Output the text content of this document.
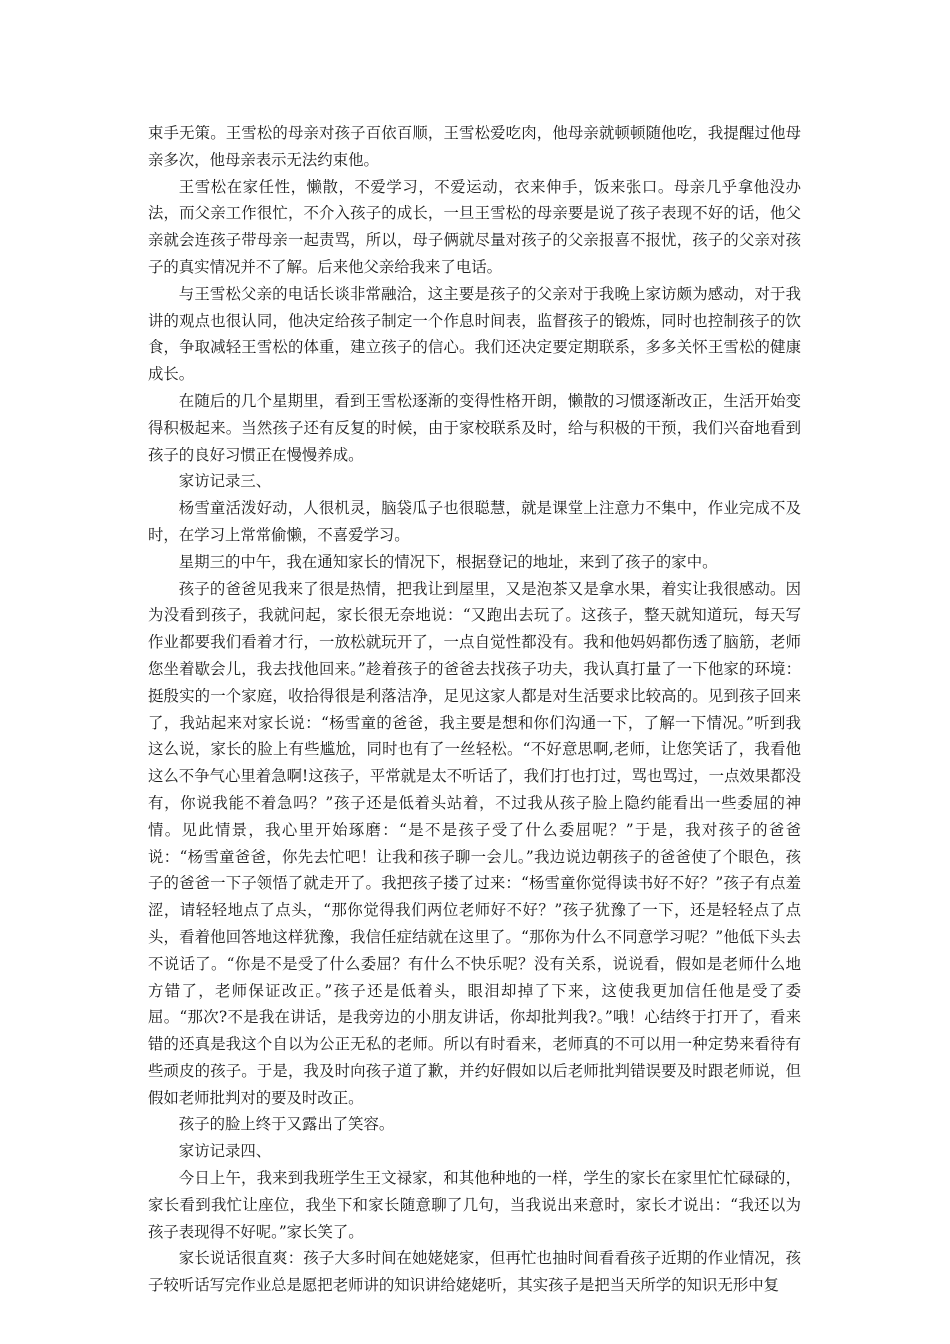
束手无策。王雪松的母亲对孩子百依百顺，王雪松爱吃肉，他母亲就顿顿随他吃，我提醒过他母亲多次，他母亲表示无法约束他。

王雪松在家任性，懒散，不爱学习，不爱运动，衣来伸手，饭来张口。母亲几乎拿他没办法，而父亲工作很忙，不介入孩子的成长，一旦王雪松的母亲要是说了孩子表现不好的话，他父亲就会连孩子带母亲一起责骂，所以，母子俩就尽量对孩子的父亲报喜不报忧，孩子的父亲对孩子的真实情况并不了解。后来他父亲给我来了电话。

与王雪松父亲的电话长谈非常融洽，这主要是孩子的父亲对于我晚上家访颇为感动，对于我讲的观点也很认同，他决定给孩子制定一个作息时间表，监督孩子的锻炼，同时也控制孩子的饮食，争取减轻王雪松的体重，建立孩子的信心。我们还决定要定期联系，多多关怀王雪松的健康成长。

在随后的几个星期里，看到王雪松逐渐的变得性格开朗，懒散的习惯逐渐改正，生活开始变得积极起来。当然孩子还有反复的时候，由于家校联系及时，给与积极的干预，我们兴奋地看到孩子的良好习惯正在慢慢养成。

家访记录三、

杨雪童活泼好动，人很机灵，脑袋瓜子也很聪慧，就是课堂上注意力不集中，作业完成不及时，在学习上常常偷懒，不喜爱学习。

星期三的中午，我在通知家长的情况下，根据登记的地址，来到了孩子的家中。

孩子的爸爸见我来了很是热情，把我让到屋里，又是泡茶又是拿水果，着实让我很感动。因为没看到孩子，我就问起，家长很无奈地说：“又跑出去玩了。这孩子，整天就知道玩，每天写作业都要我们看着才行，一放松就玩开了，一点自觉性都没有。我和他妈妈都伤透了脑筋，老师您坐着歇会儿，我去找他回来。”趁着孩子的爸爸去找孩子功夫，我认真打量了一下他家的环境：挺殷实的一个家庭，收拾得很是利落洁净，足见这家人都是对生活要求比较高的。见到孩子回来了，我站起来对家长说：“杨雪童的爸爸，我主要是想和你们沟通一下，了解一下情况。”听到我这么说，家长的脸上有些尴尬，同时也有了一丝轻松。“不好意思啊,老师，让您笑话了，我看他这么不争气心里着急啊!这孩子，平常就是太不听话了，我们打也打过，骂也骂过，一点效果都没有，你说我能不着急吗？”孩子还是低着头站着，不过我从孩子脸上隐约能看出一些委屈的神情。见此情景，我心里开始琢磨：“是不是孩子受了什么委屈呢？”于是，我对孩子的爸爸说：“杨雪童爸爸，你先去忙吧！让我和孩子聊一会儿。”我边说边朝孩子的爸爸使了个眼色，孩子的爸爸一下子领悟了就走开了。我把孩子搂了过来：“杨雪童你觉得读书好不好？”孩子有点羞涩，请轻轻地点了点头，“那你觉得我们两位老师好不好？”孩子犹豫了一下，还是轻轻点了点头，看着他回答地这样犹豫，我信任症结就在这里了。“那你为什么不同意学习呢？”他低下头去不说话了。“你是不是受了什么委屈？有什么不快乐呢？没有关系，说说看，假如是老师什么地方错了，老师保证改正。”孩子还是低着头，眼泪却掉了下来，这使我更加信任他是受了委屈。“那次?不是我在讲话，是我旁边的小朋友讲话，你却批判我?。”哦！心结终于打开了，看来错的还真是我这个自以为公正无私的老师。所以有时看来，老师真的不可以用一种定势来看待有些顽皮的孩子。于是，我及时向孩子道了歉，并约好假如以后老师批判错误要及时跟老师说，但假如老师批判对的要及时改正。

孩子的脸上终于又露出了笑容。

家访记录四、

今日上午，我来到我班学生王文禄家，和其他种地的一样，学生的家长在家里忙忙碌碌的，家长看到我忙让座位，我坐下和家长随意聊了几句，当我说出来意时，家长才说出：“我还以为孩子表现得不好呢。”家长笑了。

家长说话很直爽：孩子大多时间在她姥姥家，但再忙也抽时间看看孩子近期的作业情况，孩子较听话写完作业总是愿把老师讲的知识讲给姥姥听，其实孩子是把当天所学的知识无形中复
